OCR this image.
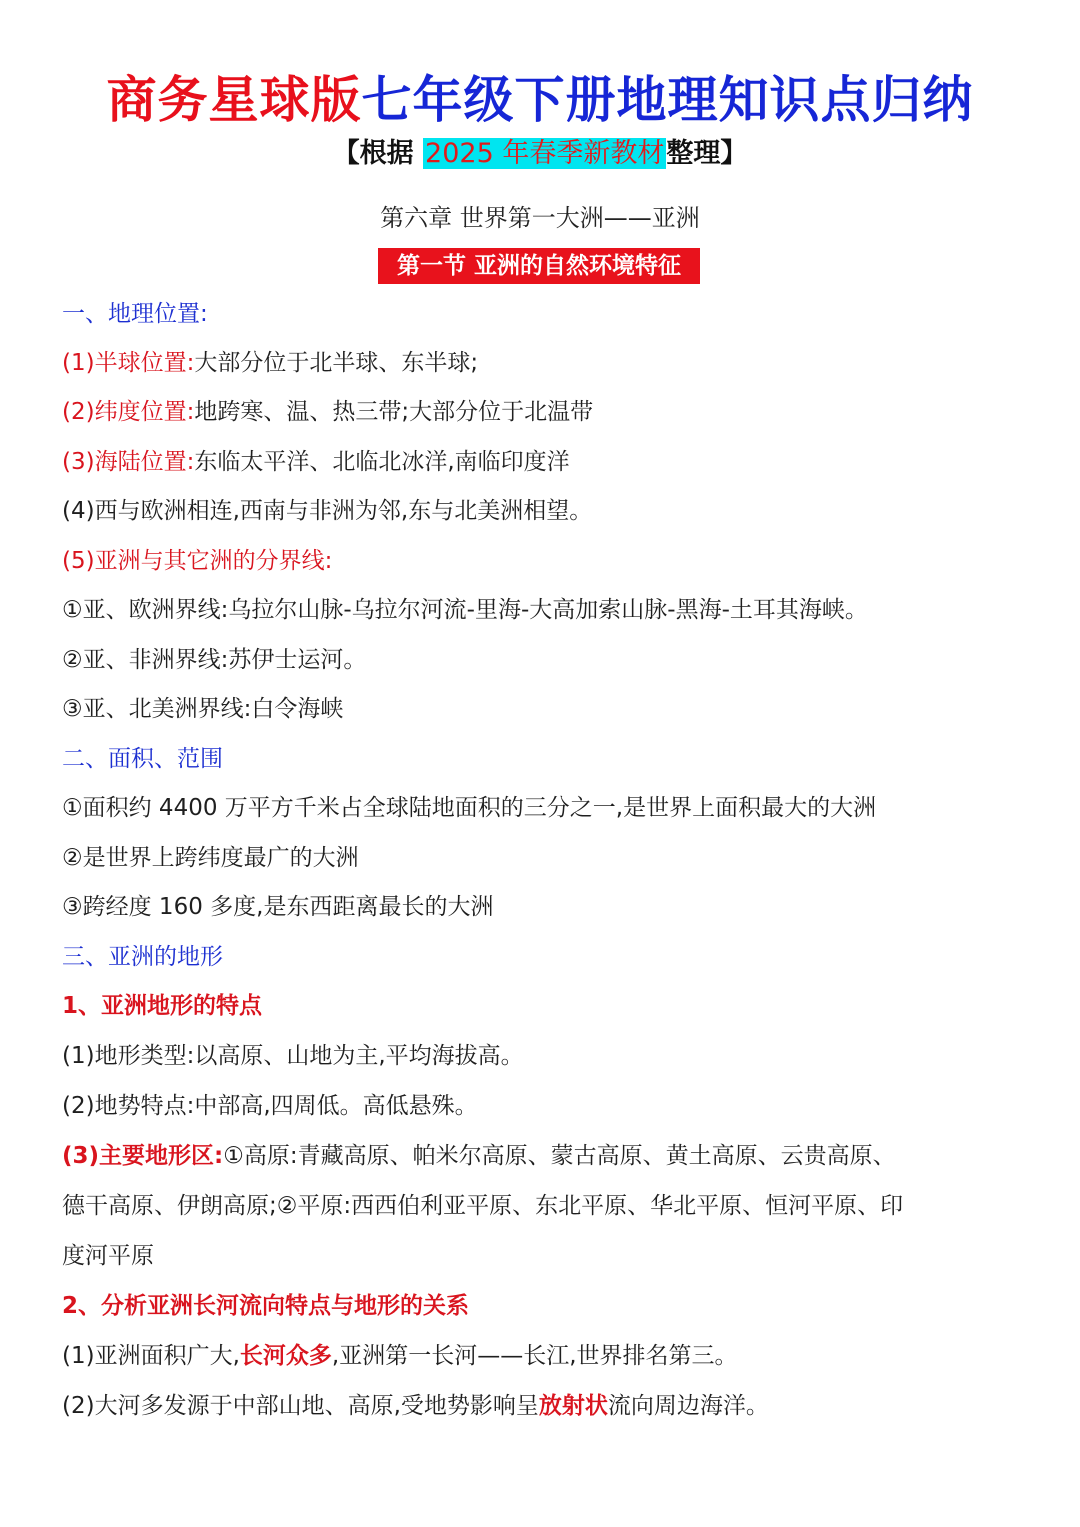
商务星球版七年级下册地理知识点归纳
【根据 2025 年春季新教材整理】
第六章 世界第一大洲——亚洲
第一节 亚洲的自然环境特征
一、地理位置:
(1)半球位置:大部分位于北半球、东半球;
(2)纬度位置:地跨寒、温、热三带;大部分位于北温带
(3)海陆位置:东临太平洋、北临北冰洋,南临印度洋
(4)西与欧洲相连,西南与非洲为邻,东与北美洲相望。
(5)亚洲与其它洲的分界线:
①亚、欧洲界线:乌拉尔山脉-乌拉尔河流-里海-大高加索山脉-黑海-土耳其海峡。
②亚、非洲界线:苏伊士运河。
③亚、北美洲界线:白令海峡
二、面积、范围
①面积约 4400 万平方千米占全球陆地面积的三分之一,是世界上面积最大的大洲
②是世界上跨纬度最广的大洲
③跨经度 160 多度,是东西距离最长的大洲
三、亚洲的地形
1、亚洲地形的特点
(1)地形类型:以高原、山地为主,平均海拔高。
(2)地势特点:中部高,四周低。高低悬殊。
(3)主要地形区:①高原:青藏高原、帕米尔高原、蒙古高原、黄土高原、云贵高原、
德干高原、伊朗高原;②平原:西西伯利亚平原、东北平原、华北平原、恒河平原、印
度河平原
2、分析亚洲长河流向特点与地形的关系
(1)亚洲面积广大,长河众多,亚洲第一长河——长江,世界排名第三。
(2)大河多发源于中部山地、高原,受地势影响呈放射状流向周边海洋。
